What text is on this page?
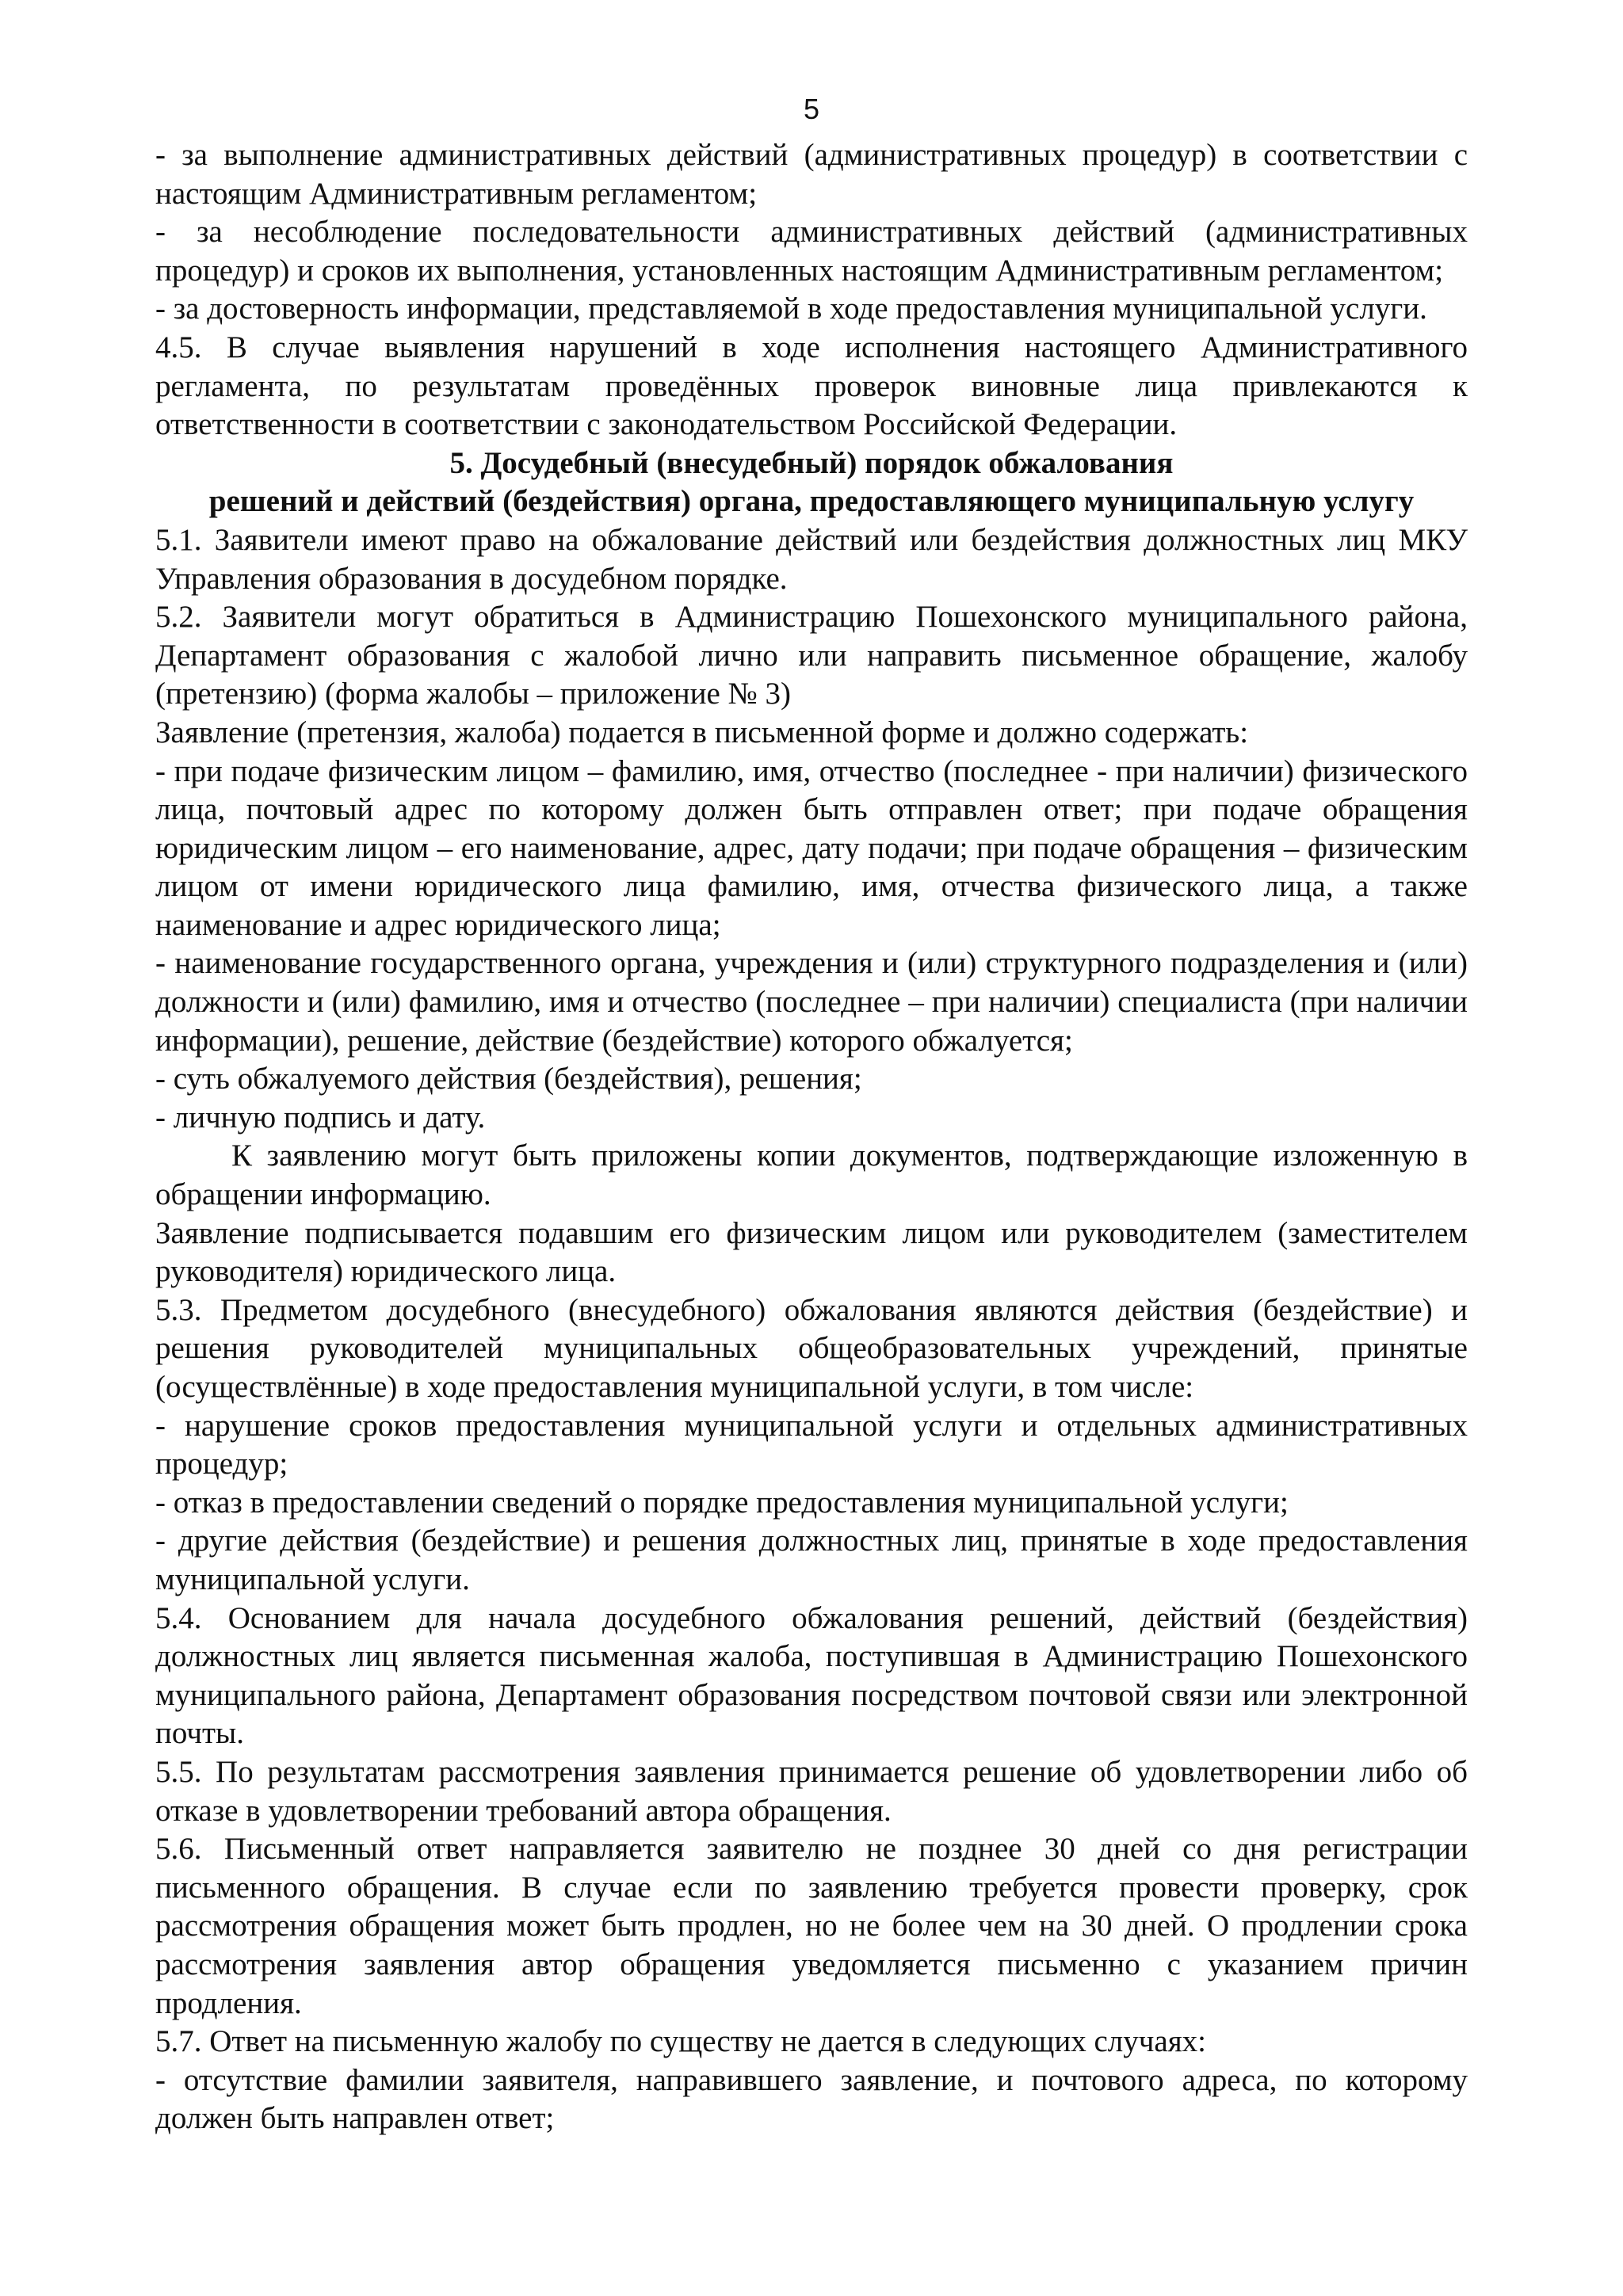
5

- за выполнение административных действий (административных процедур) в соответствии с настоящим Административным регламентом;

- за несоблюдение последовательности административных действий (административных процедур) и сроков их выполнения, установленных настоящим Административным регламентом;

- за достоверность информации, представляемой в ходе предоставления муниципальной услуги.

4.5. В случае выявления нарушений в ходе исполнения настоящего Административного регламента, по результатам проведённых проверок виновные лица привлекаются к ответственности в соответствии с законодательством Российской Федерации.

5. Досудебный (внесудебный) порядок обжалования

решений и действий (бездействия) органа, предоставляющего муниципальную услугу

5.1. Заявители имеют право на обжалование действий или бездействия должностных лиц МКУ Управления образования в досудебном порядке.

5.2. Заявители могут обратиться в Администрацию Пошехонского муниципального района, Департамент образования с жалобой лично или направить письменное обращение, жалобу (претензию) (форма жалобы – приложение № 3)

Заявление (претензия, жалоба) подается в письменной форме и должно содержать:

- при подаче физическим лицом – фамилию, имя, отчество (последнее - при наличии) физического лица, почтовый адрес по которому должен быть отправлен ответ; при подаче обращения юридическим лицом – его наименование, адрес, дату подачи; при подаче обращения – физическим лицом от имени юридического лица фамилию, имя, отчества физического лица, а также наименование и адрес юридического лица;

- наименование государственного органа, учреждения и (или) структурного подразделения и (или) должности и (или) фамилию, имя и отчество (последнее – при наличии) специалиста (при наличии информации), решение, действие (бездействие) которого обжалуется;

- суть обжалуемого действия (бездействия), решения;

- личную подпись и дату.

К заявлению могут быть приложены копии документов, подтверждающие изложенную в обращении информацию.

Заявление подписывается подавшим его физическим лицом или руководителем (заместителем руководителя) юридического лица.

5.3. Предметом досудебного (внесудебного) обжалования являются действия (бездействие) и решения руководителей муниципальных общеобразовательных учреждений, принятые (осуществлённые) в ходе предоставления муниципальной услуги, в том числе:

- нарушение сроков предоставления муниципальной услуги и отдельных административных процедур;

- отказ в предоставлении сведений о порядке предоставления муниципальной услуги;

- другие действия (бездействие) и решения должностных лиц, принятые в ходе предоставления муниципальной услуги.

5.4. Основанием для начала досудебного обжалования решений, действий (бездействия) должностных лиц является письменная жалоба, поступившая в Администрацию Пошехонского муниципального района, Департамент образования посредством почтовой связи или электронной почты.

5.5. По результатам рассмотрения заявления принимается решение об удовлетворении либо об отказе в удовлетворении требований автора обращения.

5.6. Письменный ответ направляется заявителю не позднее 30 дней со дня регистрации письменного обращения. В случае если по заявлению требуется провести проверку, срок рассмотрения обращения может быть продлен, но не более чем на 30 дней. О продлении срока рассмотрения заявления автор обращения уведомляется письменно с указанием причин продления.

5.7. Ответ на письменную жалобу по существу не дается в следующих случаях:

- отсутствие фамилии заявителя, направившего заявление, и почтового адреса, по которому должен быть направлен ответ;
